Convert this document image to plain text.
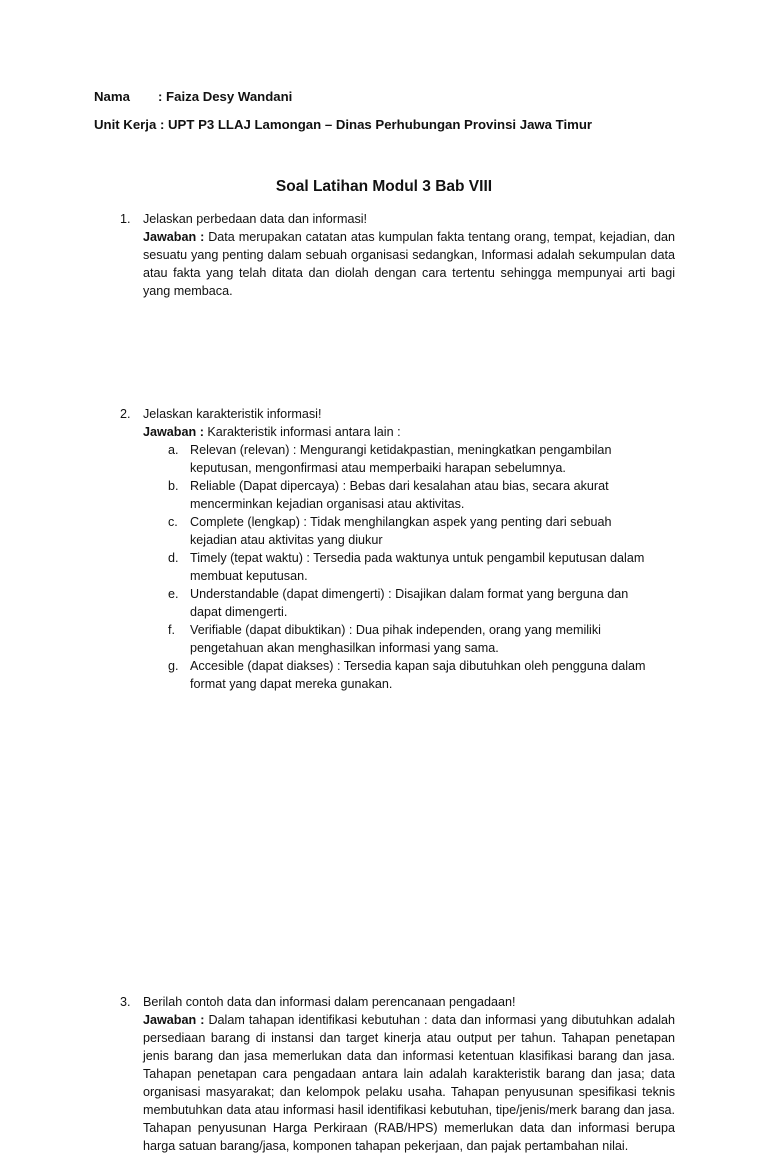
Nama : Faiza Desy Wandani
Unit Kerja : UPT P3 LLAJ Lamongan – Dinas Perhubungan Provinsi Jawa Timur
Soal Latihan Modul 3 Bab VIII
1. Jelaskan perbedaan data dan informasi!
Jawaban : Data merupakan catatan atas kumpulan fakta tentang orang, tempat, kejadian, dan sesuatu yang penting dalam sebuah organisasi sedangkan, Informasi adalah sekumpulan data atau fakta yang telah ditata dan diolah dengan cara tertentu sehingga mempunyai arti bagi yang membaca.
2. Jelaskan karakteristik informasi!
Jawaban : Karakteristik informasi antara lain :
a. Relevan (relevan) : Mengurangi ketidakpastian, meningkatkan pengambilan keputusan, mengonfirmasi atau memperbaiki harapan sebelumnya.
b. Reliable (Dapat dipercaya) : Bebas dari kesalahan atau bias, secara akurat mencerminkan kejadian organisasi atau aktivitas.
c. Complete (lengkap) : Tidak menghilangkan aspek yang penting dari sebuah kejadian atau aktivitas yang diukur
d. Timely (tepat waktu) : Tersedia pada waktunya untuk pengambil keputusan dalam membuat keputusan.
e. Understandable (dapat dimengerti) : Disajikan dalam format yang berguna dan dapat dimengerti.
f. Verifiable (dapat dibuktikan) : Dua pihak independen, orang yang memiliki pengetahuan akan menghasilkan informasi yang sama.
g. Accesible (dapat diakses) : Tersedia kapan saja dibutuhkan oleh pengguna dalam format yang dapat mereka gunakan.
3. Berilah contoh data dan informasi dalam perencanaan pengadaan!
Jawaban : Dalam tahapan identifikasi kebutuhan : data dan informasi yang dibutuhkan adalah persediaan barang di instansi dan target kinerja atau output per tahun. Tahapan penetapan jenis barang dan jasa memerlukan data dan informasi ketentuan klasifikasi barang dan jasa. Tahapan penetapan cara pengadaan antara lain adalah karakteristik barang dan jasa; data organisasi masyarakat; dan kelompok pelaku usaha. Tahapan penyusunan spesifikasi teknis membutuhkan data atau informasi hasil identifikasi kebutuhan, tipe/jenis/merk barang dan jasa. Tahapan penyusunan Harga Perkiraan (RAB/HPS) memerlukan data dan informasi berupa harga satuan barang/jasa, komponen tahapan pekerjaan, dan pajak pertambahan nilai.
